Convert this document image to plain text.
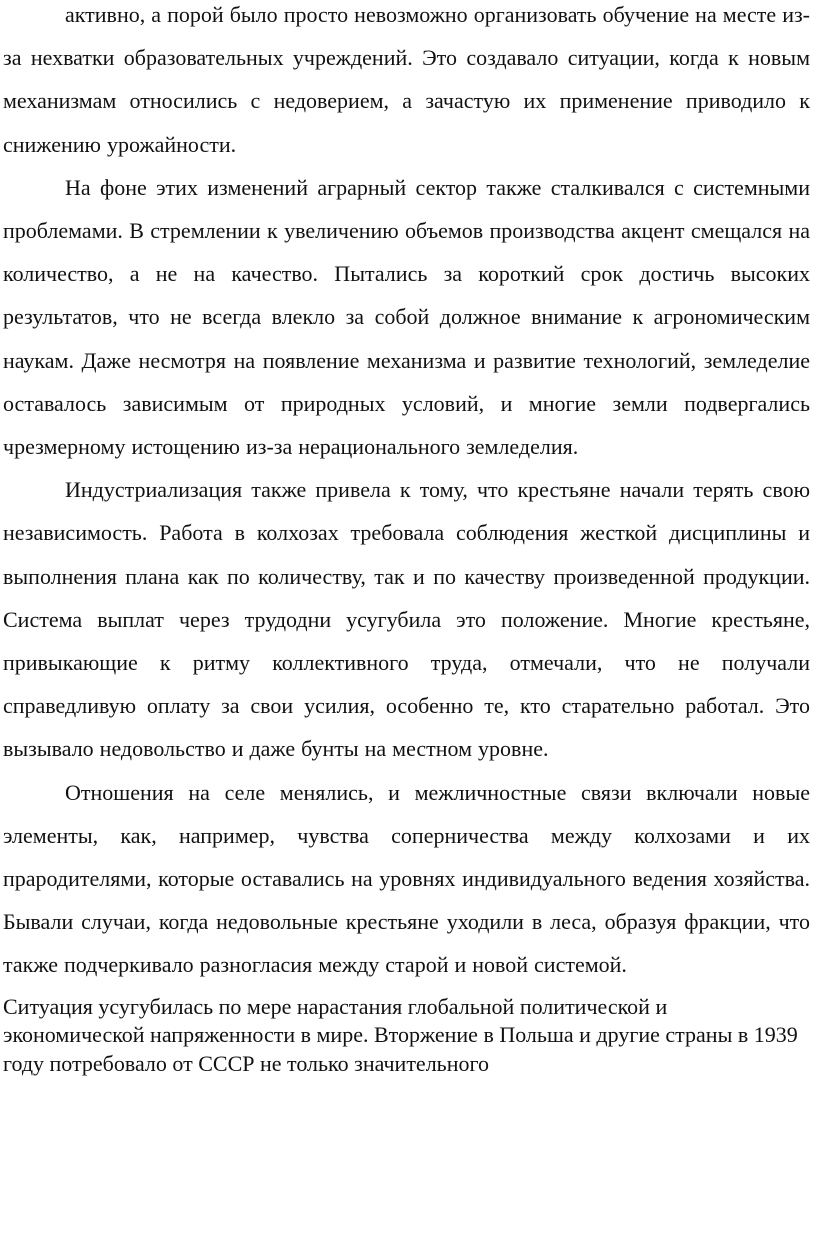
активно, а порой было просто невозможно организовать обучение на месте из-за нехватки образовательных учреждений. Это создавало ситуации, когда к новым механизмам относились с недоверием, а зачастую их применение приводило к снижению урожайности.

На фоне этих изменений аграрный сектор также сталкивался с системными проблемами. В стремлении к увеличению объемов производства акцент смещался на количество, а не на качество. Пытались за короткий срок достичь высоких результатов, что не всегда влекло за собой должное внимание к агрономическим наукам. Даже несмотря на появление механизма и развитие технологий, земледелие оставалось зависимым от природных условий, и многие земли подвергались чрезмерному истощению из-за нерационального земледелия.

Индустриализация также привела к тому, что крестьяне начали терять свою независимость. Работа в колхозах требовала соблюдения жесткой дисциплины и выполнения плана как по количеству, так и по качеству произведенной продукции. Система выплат через трудодни усугубила это положение. Многие крестьяне, привыкающие к ритму коллективного труда, отмечали, что не получали справедливую оплату за свои усилия, особенно те, кто старательно работал. Это вызывало недовольство и даже бунты на местном уровне.

Отношения на селе менялись, и межличностные связи включали новые элементы, как, например, чувства соперничества между колхозами и их прародителями, которые оставались на уровнях индивидуального ведения хозяйства. Бывали случаи, когда недовольные крестьяне уходили в леса, образуя фракции, что также подчеркивало разногласия между старой и новой системой.

Ситуация усугубилась по мере нарастания глобальной политической и экономической напряженности в мире. Вторжение в Польша и другие страны в 1939 году потребовало от СССР не только значительного
